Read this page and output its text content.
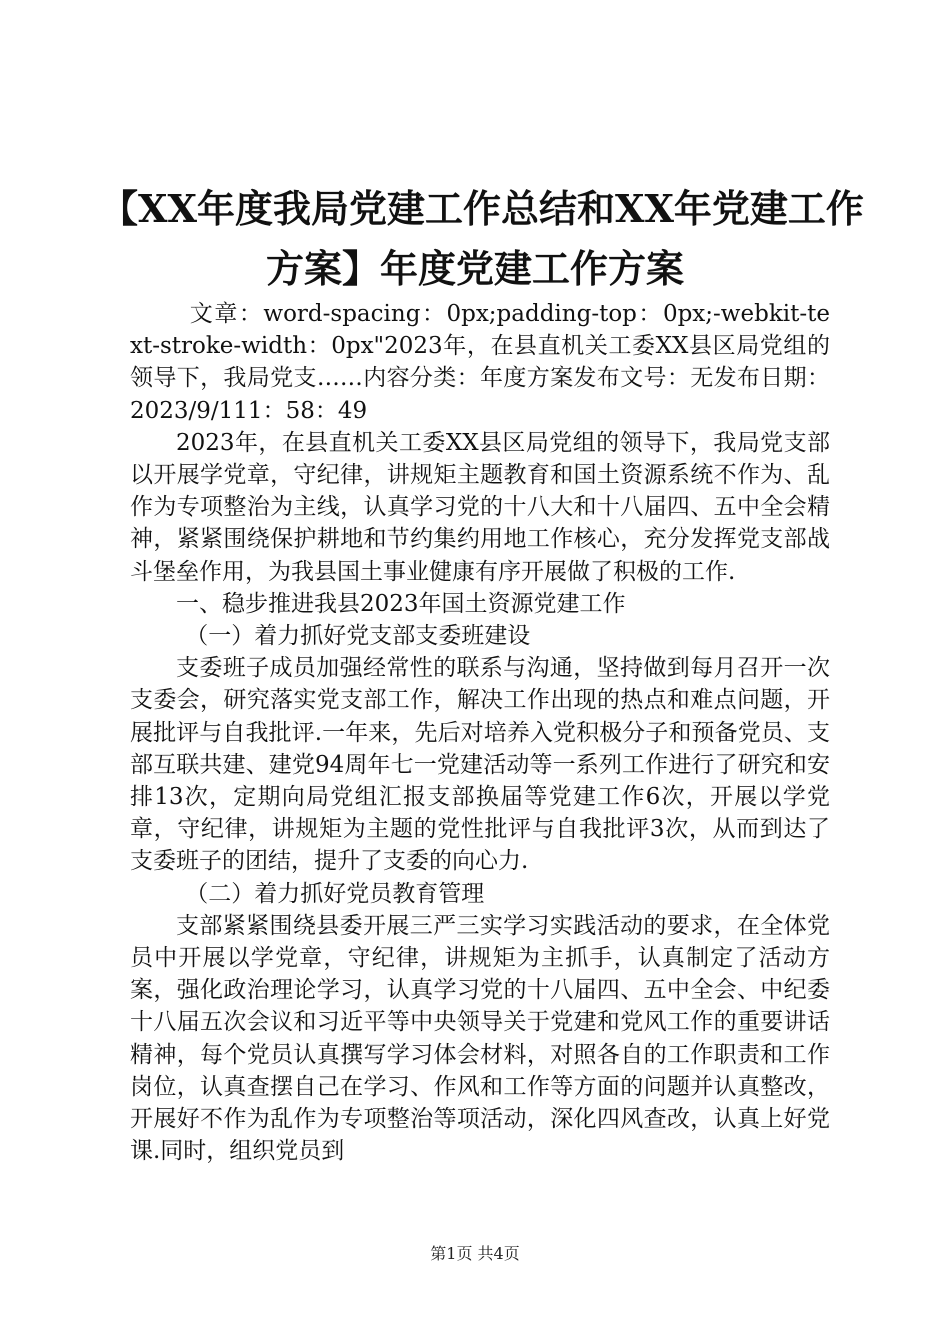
【XX年度我局党建工作总结和XX年党建工作
方案】年度党建工作方案

文章：word-spacing：0px;padding-top：0px;-webkit-text-stroke-width：0px"2023年，在县直机关工委XX县区局党组的领导下，我局党支……内容分类：年度方案发布文号：无发布日期：2023/9/111：58：49

2023年，在县直机关工委XX县区局党组的领导下，我局党支部以开展学党章，守纪律，讲规矩主题教育和国土资源系统不作为、乱作为专项整治为主线，认真学习党的十八大和十八届四、五中全会精神，紧紧围绕保护耕地和节约集约用地工作核心，充分发挥党支部战斗堡垒作用，为我县国土事业健康有序开展做了积极的工作.

一、稳步推进我县2023年国土资源党建工作

（一）着力抓好党支部支委班建设

支委班子成员加强经常性的联系与沟通，坚持做到每月召开一次支委会，研究落实党支部工作，解决工作出现的热点和难点问题，开展批评与自我批评.一年来，先后对培养入党积极分子和预备党员、支部互联共建、建党94周年七一党建活动等一系列工作进行了研究和安排13次，定期向局党组汇报支部换届等党建工作6次，开展以学党章，守纪律，讲规矩为主题的党性批评与自我批评3次，从而到达了支委班子的团结，提升了支委的向心力.

（二）着力抓好党员教育管理

支部紧紧围绕县委开展三严三实学习实践活动的要求，在全体党员中开展以学党章，守纪律，讲规矩为主抓手，认真制定了活动方案，强化政治理论学习，认真学习党的十八届四、五中全会、中纪委十八届五次会议和习近平等中央领导关于党建和党风工作的重要讲话精神，每个党员认真撰写学习体会材料，对照各自的工作职责和工作岗位，认真查摆自己在学习、作风和工作等方面的问题并认真整改，开展好不作为乱作为专项整治等项活动，深化四风查改，认真上好党课.同时，组织党员到

第1页 共4页
